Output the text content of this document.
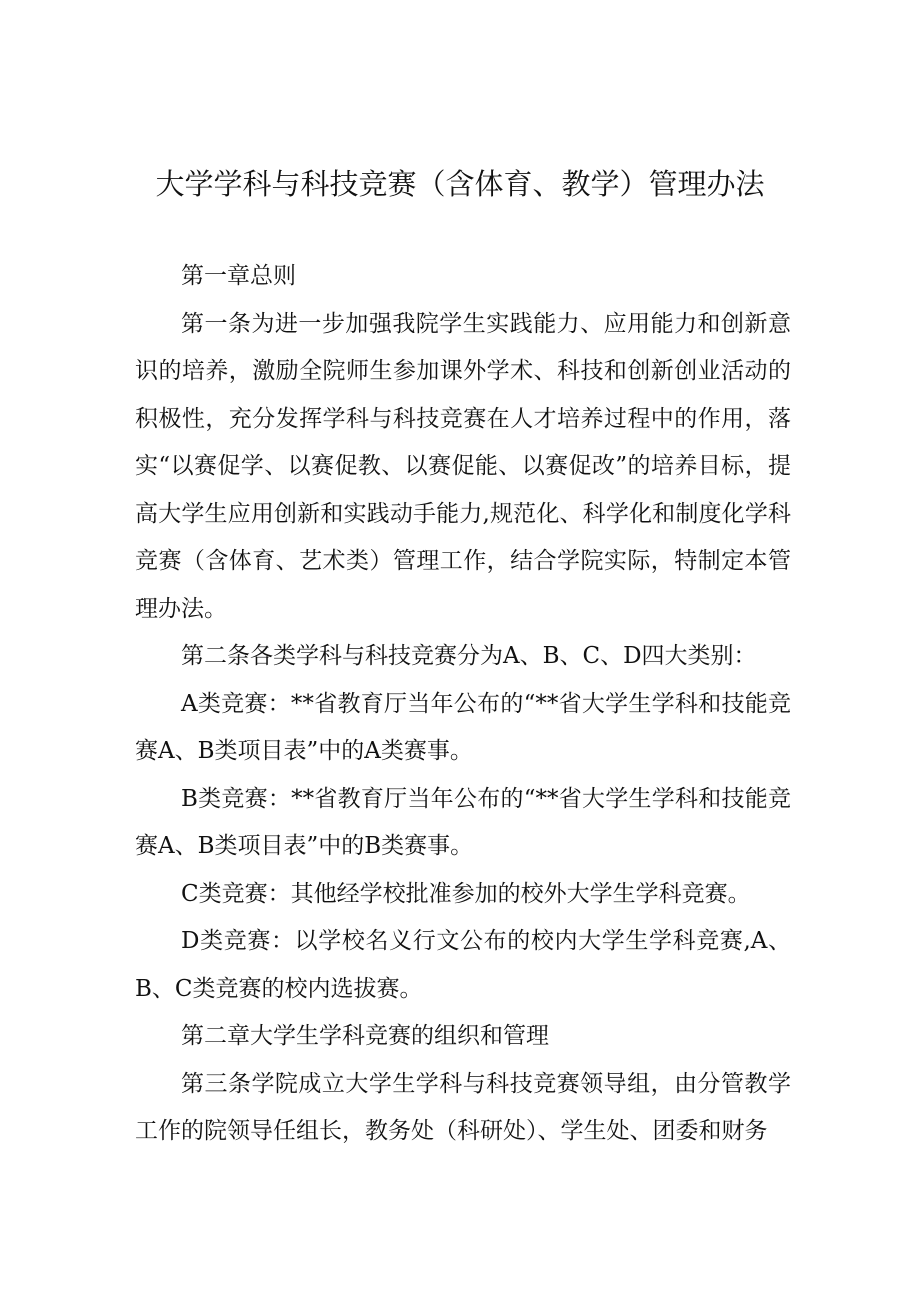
大学学科与科技竞赛（含体育、教学）管理办法

第一章总则

第一条为进一步加强我院学生实践能力、应用能力和创新意识的培养，激励全院师生参加课外学术、科技和创新创业活动的积极性，充分发挥学科与科技竞赛在人才培养过程中的作用，落实“以赛促学、以赛促教、以赛促能、以赛促改”的培养目标，提高大学生应用创新和实践动手能力,规范化、科学化和制度化学科竞赛（含体育、艺术类）管理工作，结合学院实际，特制定本管理办法。

第二条各类学科与科技竞赛分为A、B、C、D四大类别：

A类竞赛：**省教育厅当年公布的“**省大学生学科和技能竞赛A、B类项目表”中的A类赛事。

B类竞赛：**省教育厅当年公布的“**省大学生学科和技能竞赛A、B类项目表”中的B类赛事。

C类竞赛：其他经学校批准参加的校外大学生学科竞赛。

D类竞赛：以学校名义行文公布的校内大学生学科竞赛,A、B、C类竞赛的校内选拔赛。

第二章大学生学科竞赛的组织和管理

第三条学院成立大学生学科与科技竞赛领导组，由分管教学工作的院领导任组长，教务处（科研处）、学生处、团委和财务
